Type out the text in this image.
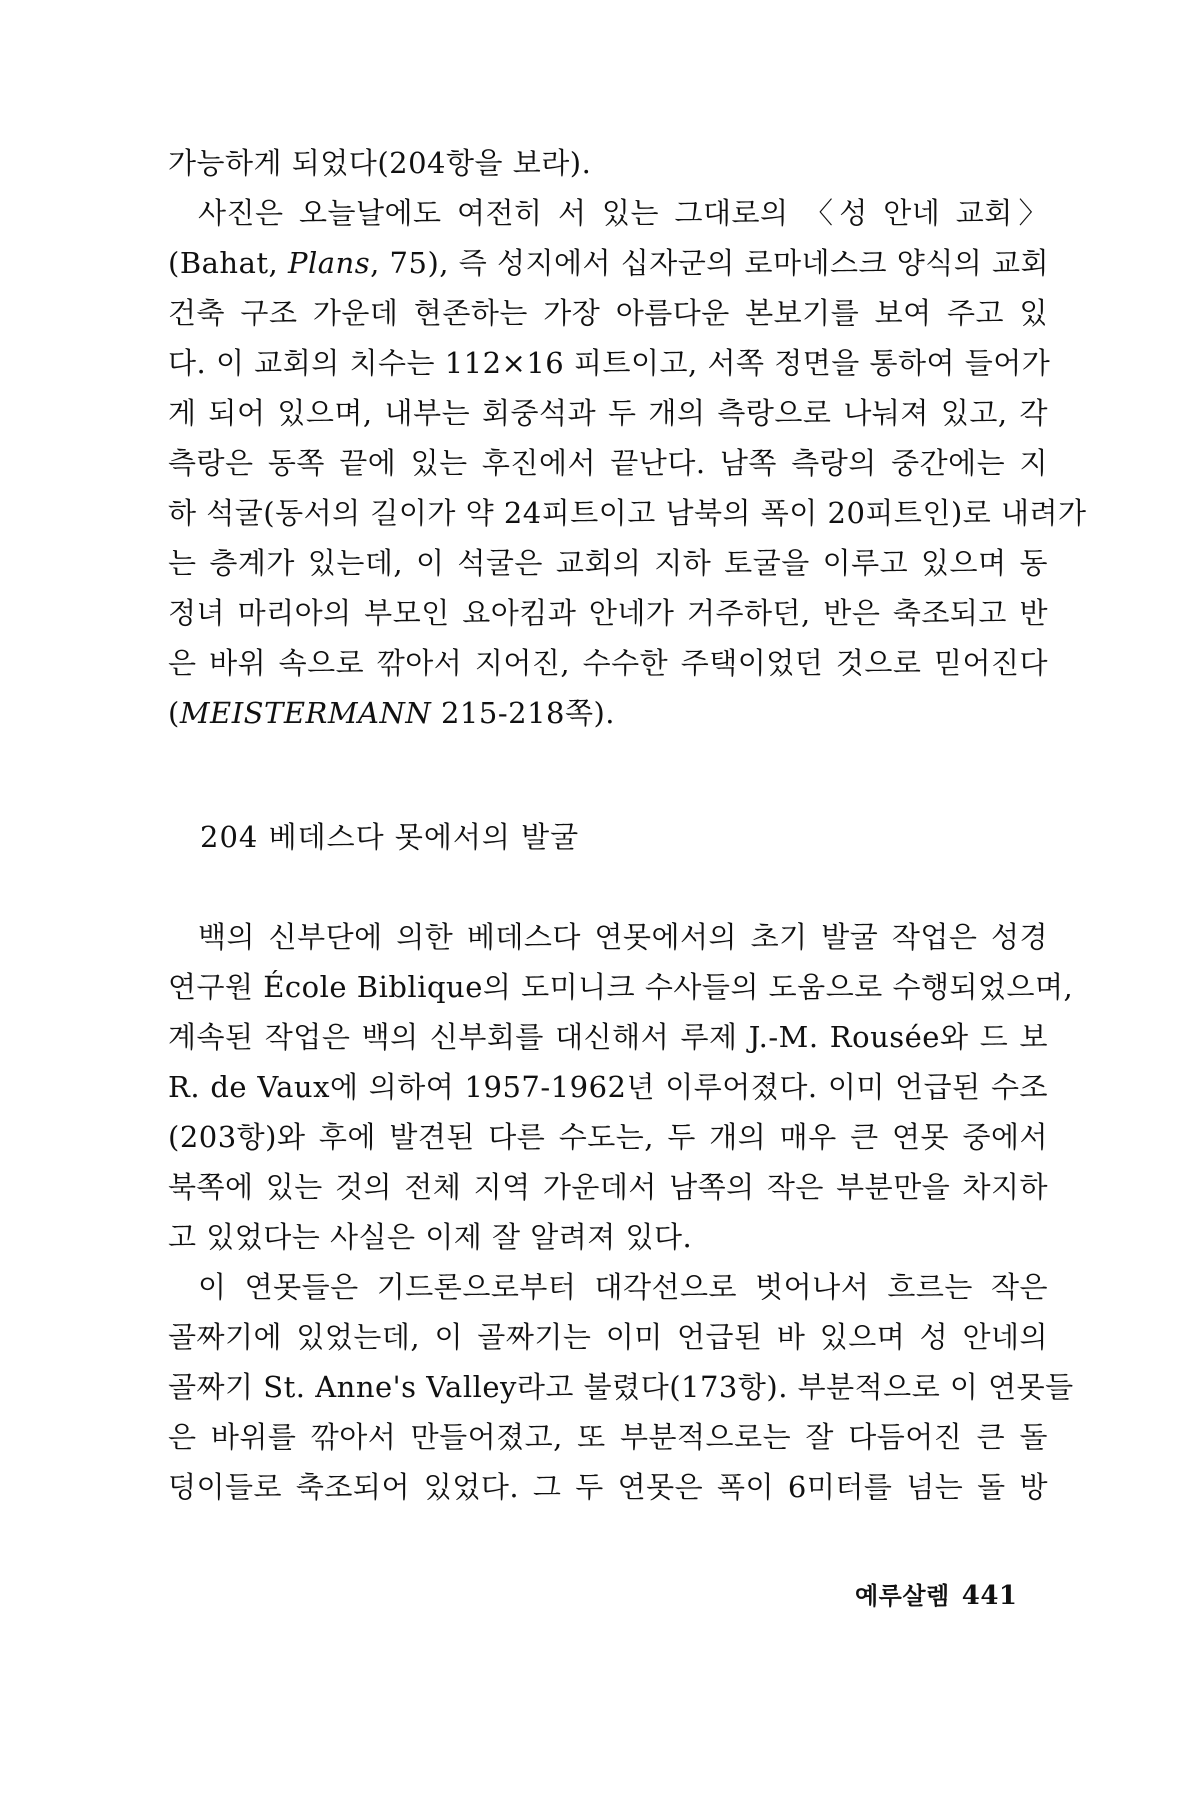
가능하게 되었다(204항을 보라).
사진은 오늘날에도 여전히 서 있는 그대로의 〈성 안네 교회〉
(Bahat, Plans, 75), 즉 성지에서 십자군의 로마네스크 양식의 교회
건축 구조 가운데 현존하는 가장 아름다운 본보기를 보여 주고 있
다. 이 교회의 치수는 112×16 피트이고, 서쪽 정면을 통하여 들어가
게 되어 있으며, 내부는 회중석과 두 개의 측랑으로 나눠져 있고, 각
측랑은 동쪽 끝에 있는 후진에서 끝난다. 남쪽 측랑의 중간에는 지
하 석굴(동서의 길이가 약 24피트이고 남북의 폭이 20피트인)로 내려가
는 층계가 있는데, 이 석굴은 교회의 지하 토굴을 이루고 있으며 동
정녀 마리아의 부모인 요아킴과 안네가 거주하던, 반은 축조되고 반
은 바위 속으로 깎아서 지어진, 수수한 주택이었던 것으로 믿어진다
(MEISTERMANN 215-218쪽).
204 베데스다 못에서의 발굴
백의 신부단에 의한 베데스다 연못에서의 초기 발굴 작업은 성경
연구원 École Biblique의 도미니크 수사들의 도움으로 수행되었으며,
계속된 작업은 백의 신부회를 대신해서 루제 J.-M. Rousée와 드 보
R. de Vaux에 의하여 1957-1962년 이루어졌다. 이미 언급된 수조
(203항)와 후에 발견된 다른 수도는, 두 개의 매우 큰 연못 중에서
북쪽에 있는 것의 전체 지역 가운데서 남쪽의 작은 부분만을 차지하
고 있었다는 사실은 이제 잘 알려져 있다.
이 연못들은 기드론으로부터 대각선으로 벗어나서 흐르는 작은
골짜기에 있었는데, 이 골짜기는 이미 언급된 바 있으며 성 안네의
골짜기 St. Anne's Valley라고 불렸다(173항). 부분적으로 이 연못들
은 바위를 깎아서 만들어졌고, 또 부분적으로는 잘 다듬어진 큰 돌
덩이들로 축조되어 있었다. 그 두 연못은 폭이 6미터를 넘는 돌 방
예루살렘 441
